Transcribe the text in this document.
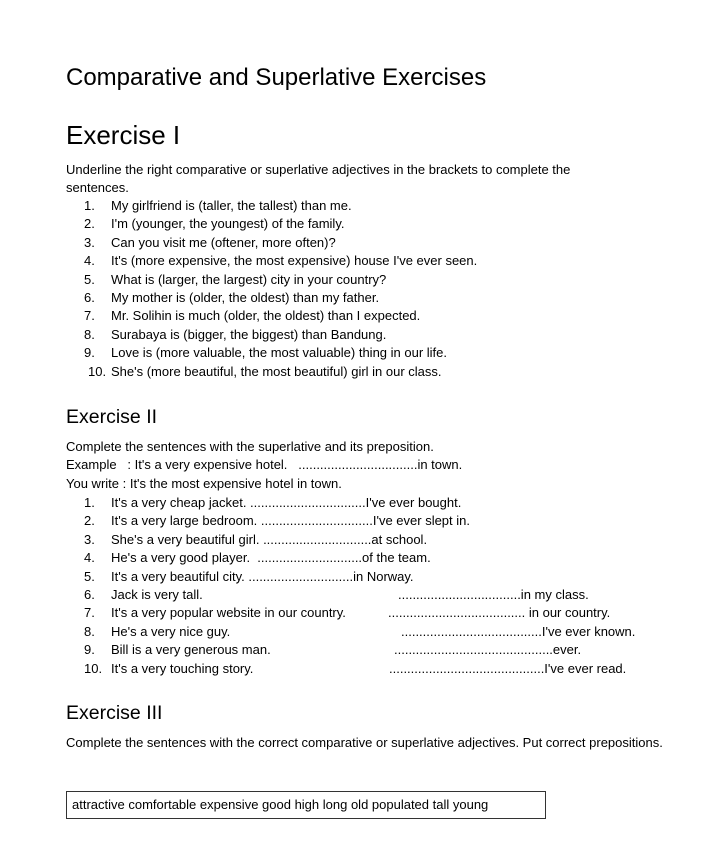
Comparative and Superlative Exercises
Exercise I
Underline the right comparative or superlative adjectives in the brackets to complete the sentences.
1. My girlfriend is (taller, the tallest) than me.
2. I'm (younger, the youngest) of the family.
3. Can you visit me (oftener, more often)?
4. It's (more expensive, the most expensive) house I've ever seen.
5. What is (larger, the largest) city in your country?
6. My mother is (older, the oldest) than my father.
7. Mr. Solihin is much (older, the oldest) than I expected.
8. Surabaya is (bigger, the biggest) than Bandung.
9. Love is (more valuable, the most valuable) thing in our life.
10. She's (more beautiful, the most beautiful) girl in our class.
Exercise II
Complete the sentences with the superlative and its preposition.
Example   : It's a very expensive hotel.   .................................in town.
You write : It's the most expensive hotel in town.
1. It's a very cheap jacket. ................................I've ever bought.
2. It's a very large bedroom. ...............................I've ever slept in.
3. She's a very beautiful girl. ..............................at school.
4. He's a very good player.  .............................of the team.
5. It's a very beautiful city. .............................in Norway.
6. Jack is very tall.	..................................in my class.
7. It's a very popular website in our country.	...................................... in our country.
8. He's a very nice guy.	.......................................I've ever known.
9. Bill is a very generous man.	............................................ever.
10. It's a very touching story.	...........................................I've ever read.
Exercise III
Complete the sentences with the correct comparative or superlative adjectives. Put correct prepositions.
attractive comfortable expensive good high long old populated tall young
